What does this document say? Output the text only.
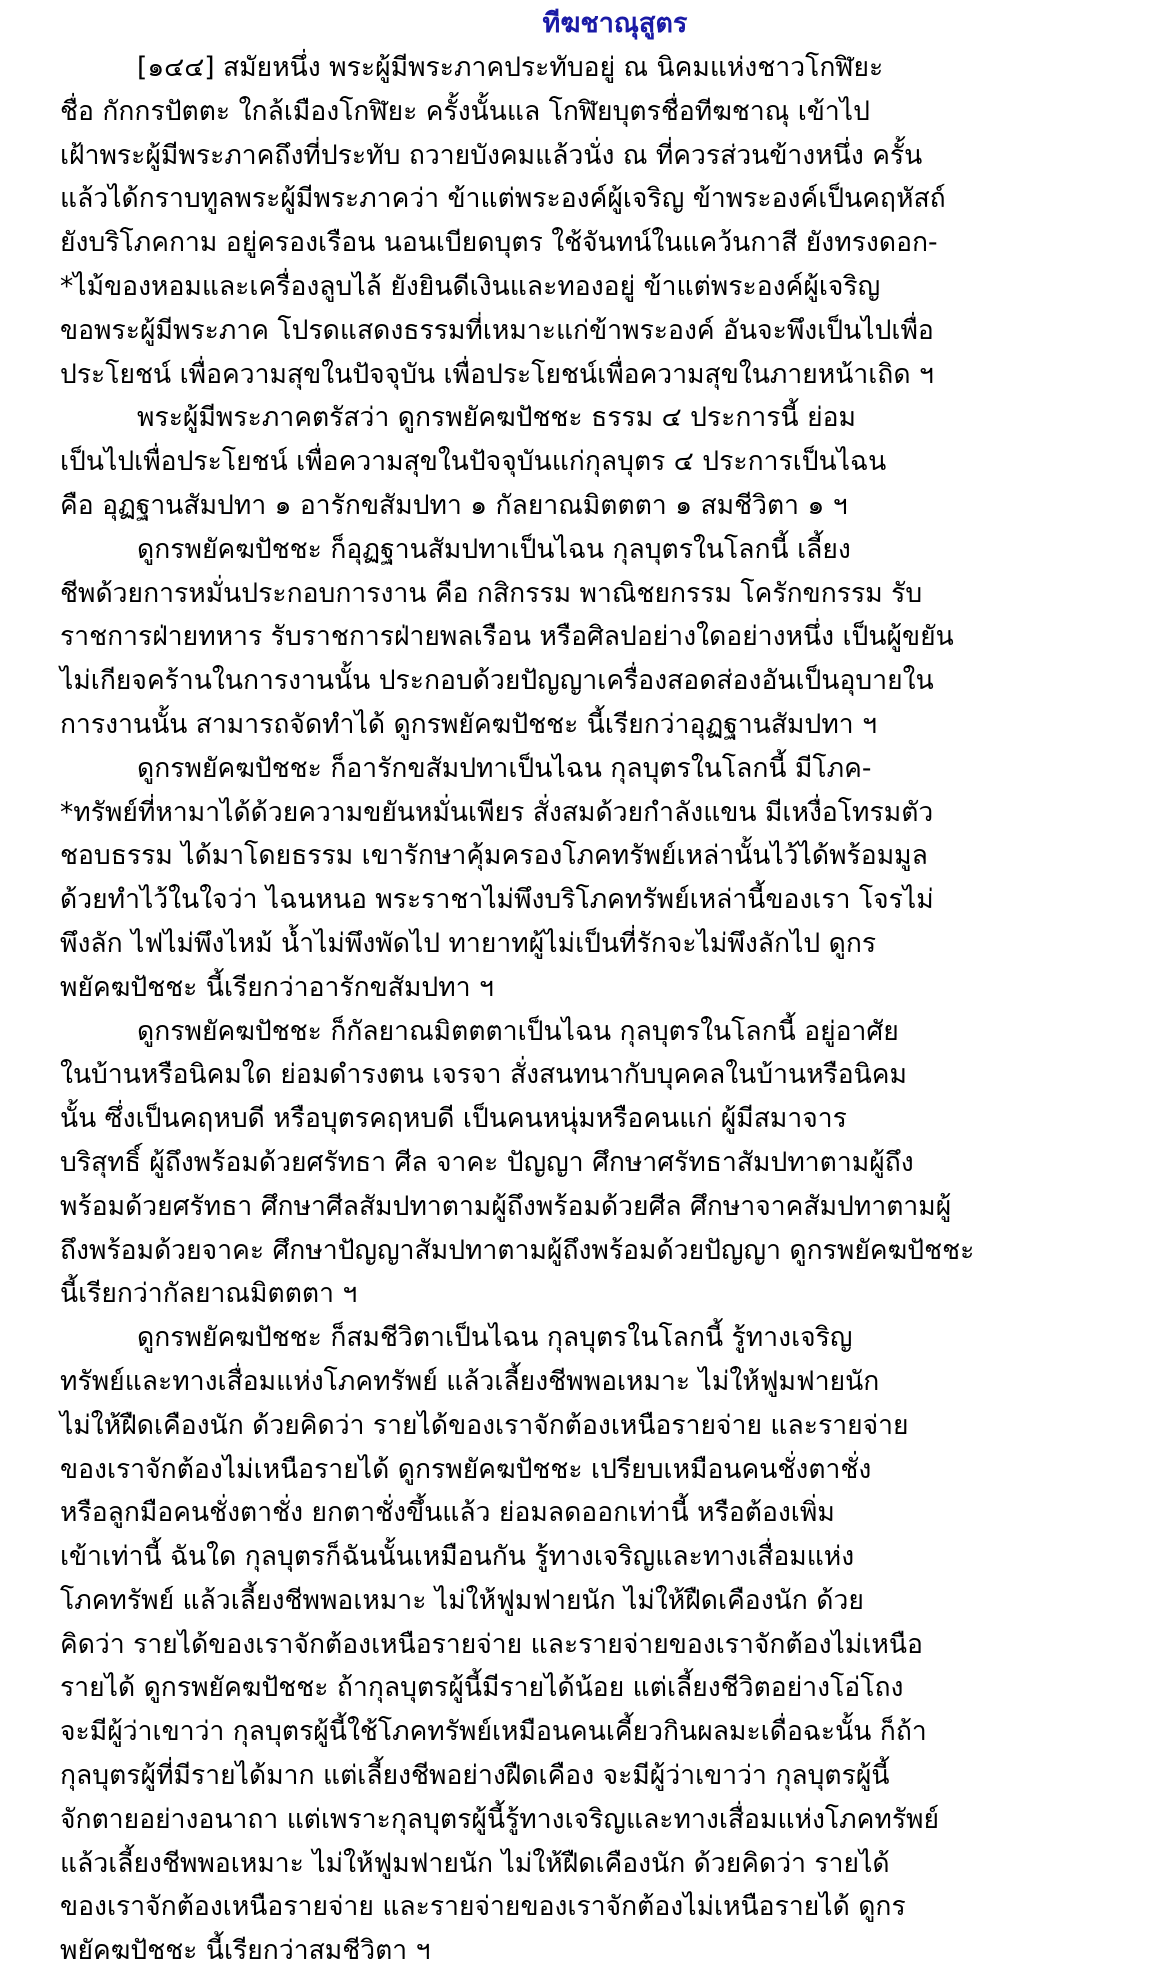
ทีฆชาณุสูตร
[๑๔๔] สมัยหนึ่ง พระผู้มีพระภาคประทับอยู่ ณ นิคมแห่งชาวโกฬิยะ
ชื่อ กักกรปัตตะ ใกล้เมืองโกฬิยะ ครั้งนั้นแล โกฬิยบุตรชื่อทีฆชาณุ เข้าไป
เฝ้าพระผู้มีพระภาคถึงที่ประทับ ถวายบังคมแล้วนั่ง ณ ที่ควรส่วนข้างหนึ่ง ครั้น
แล้วได้กราบทูลพระผู้มีพระภาคว่า ข้าแต่พระองค์ผู้เจริญ ข้าพระองค์เป็นคฤหัสถ์
ยังบริโภคกาม อยู่ครองเรือน นอนเบียดบุตร ใช้จันทน์ในแคว้นกาสี ยังทรงดอก-
*ไม้ของหอมและเครื่องลูบไล้ ยังยินดีเงินและทองอยู่ ข้าแต่พระองค์ผู้เจริญ
ขอพระผู้มีพระภาค โปรดแสดงธรรมที่เหมาะแก่ข้าพระองค์ อันจะพึงเป็นไปเพื่อ
ประโยชน์ เพื่อความสุขในปัจจุบัน เพื่อประโยชน์เพื่อความสุขในภายหน้าเถิด ฯ
พระผู้มีพระภาคตรัสว่า ดูกรพยัคฆปัชชะ ธรรม ๔ ประการนี้ ย่อม
เป็นไปเพื่อประโยชน์ เพื่อความสุขในปัจจุบันแก่กุลบุตร ๔ ประการเป็นไฉน
คือ อุฏฐานสัมปทา ๑ อารักขสัมปทา ๑ กัลยาณมิตตตา ๑ สมชีวิตา ๑ ฯ
ดูกรพยัคฆปัชชะ ก็อุฏฐานสัมปทาเป็นไฉน กุลบุตรในโลกนี้ เลี้ยง
ชีพด้วยการหมั่นประกอบการงาน คือ กสิกรรม พาณิชยกรรม โครักขกรรม รับ
ราชการฝ่ายทหาร รับราชการฝ่ายพลเรือน หรือศิลปอย่างใดอย่างหนึ่ง เป็นผู้ขยัน
ไม่เกียจคร้านในการงานนั้น ประกอบด้วยปัญญาเครื่องสอดส่องอันเป็นอุบายใน
การงานนั้น สามารถจัดทำได้ ดูกรพยัคฆปัชชะ นี้เรียกว่าอุฏฐานสัมปทา ฯ
ดูกรพยัคฆปัชชะ ก็อารักขสัมปทาเป็นไฉน กุลบุตรในโลกนี้ มีโภค-
*ทรัพย์ที่หามาได้ด้วยความขยันหมั่นเพียร สั่งสมด้วยกำลังแขน มีเหงื่อโทรมตัว
ชอบธรรม ได้มาโดยธรรม เขารักษาคุ้มครองโภคทรัพย์เหล่านั้นไว้ได้พร้อมมูล
ด้วยทำไว้ในใจว่า ไฉนหนอ พระราชาไม่พึงบริโภคทรัพย์เหล่านี้ของเรา โจรไม่
พึงลัก ไฟไม่พึงไหม้ น้ำไม่พึงพัดไป ทายาทผู้ไม่เป็นที่รักจะไม่พึงลักไป ดูกร
พยัคฆปัชชะ นี้เรียกว่าอารักขสัมปทา ฯ
ดูกรพยัคฆปัชชะ ก็กัลยาณมิตตตาเป็นไฉน กุลบุตรในโลกนี้ อยู่อาศัย
ในบ้านหรือนิคมใด ย่อมดำรงตน เจรจา สั่งสนทนากับบุคคลในบ้านหรือนิคม
นั้น ซึ่งเป็นคฤหบดี หรือบุตรคฤหบดี เป็นคนหนุ่มหรือคนแก่ ผู้มีสมาจาร
บริสุทธิ์ ผู้ถึงพร้อมด้วยศรัทธา ศีล จาคะ ปัญญา ศึกษาศรัทธาสัมปทาตามผู้ถึง
พร้อมด้วยศรัทธา ศึกษาศีลสัมปทาตามผู้ถึงพร้อมด้วยศีล ศึกษาจาคสัมปทาตามผู้
ถึงพร้อมด้วยจาคะ ศึกษาปัญญาสัมปทาตามผู้ถึงพร้อมด้วยปัญญา ดูกรพยัคฆปัชชะ
นี้เรียกว่ากัลยาณมิตตตา ฯ
ดูกรพยัคฆปัชชะ ก็สมชีวิตาเป็นไฉน กุลบุตรในโลกนี้ รู้ทางเจริญ
ทรัพย์และทางเสื่อมแห่งโภคทรัพย์ แล้วเลี้ยงชีพพอเหมาะ ไม่ให้ฟูมฟายนัก
ไม่ให้ฝืดเคืองนัก ด้วยคิดว่า รายได้ของเราจักต้องเหนือรายจ่าย และรายจ่าย
ของเราจักต้องไม่เหนือรายได้ ดูกรพยัคฆปัชชะ เปรียบเหมือนคนชั่งตาชั่ง
หรือลูกมือคนชั่งตาชั่ง ยกตาชั่งขึ้นแล้ว ย่อมลดออกเท่านี้ หรือต้องเพิ่ม
เข้าเท่านี้ ฉันใด กุลบุตรก็ฉันนั้นเหมือนกัน รู้ทางเจริญและทางเสื่อมแห่ง
โภคทรัพย์ แล้วเลี้ยงชีพพอเหมาะ ไม่ให้ฟูมฟายนัก ไม่ให้ฝืดเคืองนัก ด้วย
คิดว่า รายได้ของเราจักต้องเหนือรายจ่าย และรายจ่ายของเราจักต้องไม่เหนือ
รายได้ ดูกรพยัคฆปัชชะ ถ้ากุลบุตรผู้นี้มีรายได้น้อย แต่เลี้ยงชีวิตอย่างโอ่โถง
จะมีผู้ว่าเขาว่า กุลบุตรผู้นี้ใช้โภคทรัพย์เหมือนคนเคี้ยวกินผลมะเดื่อฉะนั้น ก็ถ้า
กุลบุตรผู้ที่มีรายได้มาก แต่เลี้ยงชีพอย่างฝืดเคือง จะมีผู้ว่าเขาว่า กุลบุตรผู้นี้
จักตายอย่างอนาถา แต่เพราะกุลบุตรผู้นี้รู้ทางเจริญและทางเสื่อมแห่งโภคทรัพย์
แล้วเลี้ยงชีพพอเหมาะ ไม่ให้ฟูมฟายนัก ไม่ให้ฝืดเคืองนัก ด้วยคิดว่า รายได้
ของเราจักต้องเหนือรายจ่าย และรายจ่ายของเราจักต้องไม่เหนือรายได้ ดูกร
พยัคฆปัชชะ นี้เรียกว่าสมชีวิตา ฯ
